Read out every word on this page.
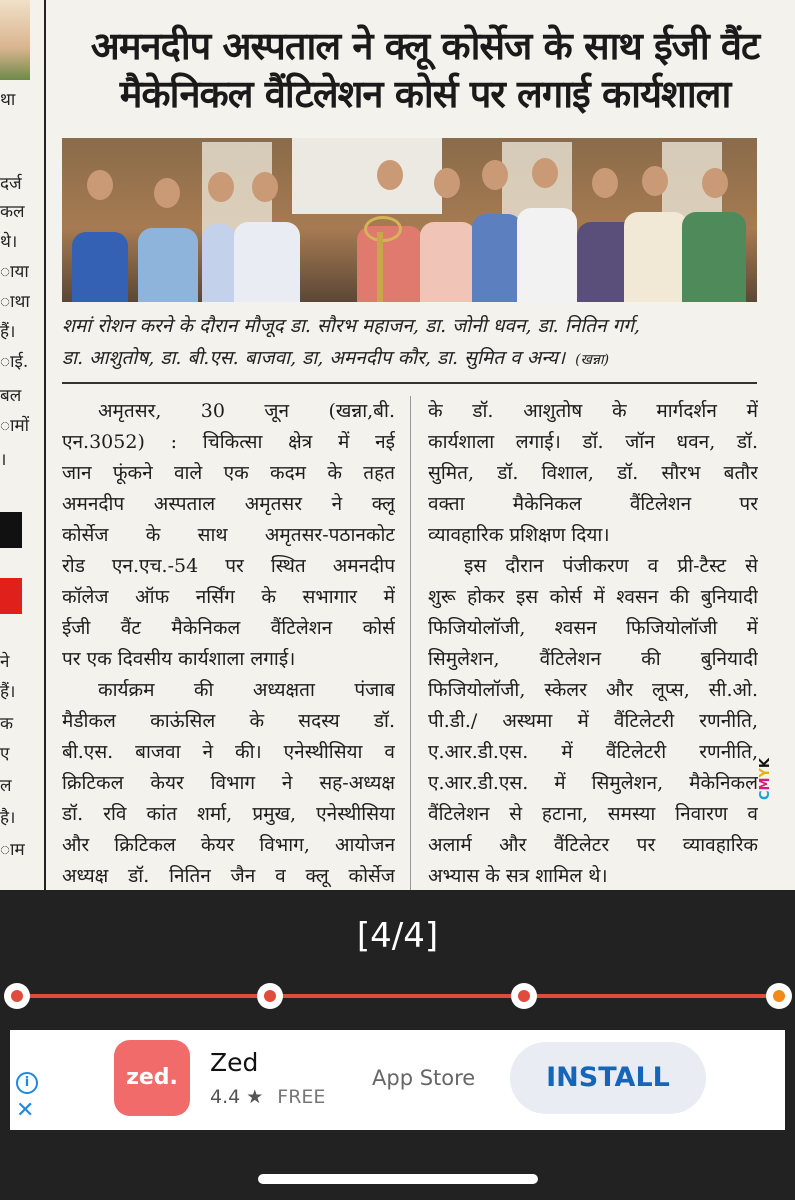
था
दर्ज
कल
थे।
ाया
ाथा
हैं।
ाई.
बल
ामों
।
ने
हैं।
क
ए
ल
है।
ाम
अमनदीप अस्पताल ने क्लू कोर्सेज के साथ ईजी वैंट
मैकेनिकल वैंटिलेशन कोर्स पर लगाई कार्यशाला
शमां रोशन करने के दौरान मौजूद डा. सौरभ महाजन, डा. जोनी धवन, डा. नितिन गर्ग,
डा. आशुतोष, डा. बी.एस. बाजवा, डा, अमनदीप कौर, डा. सुमित व अन्य। (खन्ना)

अमृतसर, 30 जून (खन्ना,बी.

एन.3052) : चिकित्सा क्षेत्र में नई

जान फूंकने वाले एक कदम के तहत

अमनदीप अस्पताल अमृतसर ने क्लू

कोर्सेज के साथ अमृतसर-पठानकोट

रोड एन.एच.-54 पर स्थित अमनदीप

कॉलेज ऑफ नर्सिंग के सभागार में

ईजी वैंट मैकेनिकल वैंटिलेशन कोर्स

पर एक दिवसीय कार्यशाला लगाई।

कार्यक्रम की अध्यक्षता पंजाब

मैडीकल काऊंसिल के सदस्य डॉ.

बी.एस. बाजवा ने की। एनेस्थीसिया व

क्रिटिकल केयर विभाग ने सह-अध्यक्ष

डॉ. रवि कांत शर्मा, प्रमुख, एनेस्थीसिया

और क्रिटिकल केयर विभाग, आयोजन

अध्यक्ष डॉ. नितिन जैन व क्लू कोर्सेज

के डॉ. आशुतोष के मार्गदर्शन में

कार्यशाला लगाई। डॉ. जॉन धवन, डॉ.

सुमित, डॉ. विशाल, डॉ. सौरभ बतौर

वक्ता मैकेनिकल वैंटिलेशन पर

व्यावहारिक प्रशिक्षण दिया।

इस दौरान पंजीकरण व प्री-टैस्ट से

शुरू होकर इस कोर्स में श्वसन की बुनियादी

फिजियोलॉजी, श्वसन फिजियोलॉजी में

सिमुलेशन, वैंटिलेशन की बुनियादी

फिजियोलॉजी, स्केलर और लूप्स, सी.ओ.

पी.डी./ अस्थमा में वैंटिलेटरी रणनीति,

ए.आर.डी.एस. में वैंटिलेटरी रणनीति,

ए.आर.डी.एस. में सिमुलेशन, मैकेनिकल

वैंटिलेशन से हटाना, समस्या निवारण व

अलार्म और वैंटिलेटर पर व्यावहारिक

अभ्यास के सत्र शामिल थे।

CMYK
[4/4]
i
✕
zed.
Zed
4.4 ★ FREE
App Store	INSTALL
